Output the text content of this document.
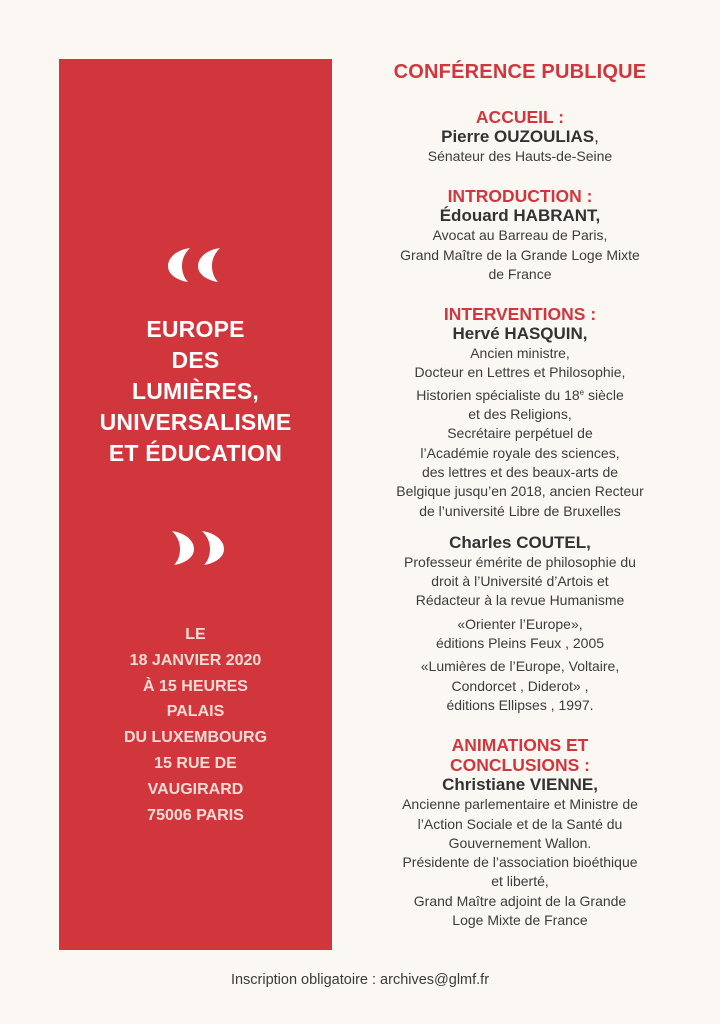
EUROPE
DES
LUMIÈRES,
UNIVERSALISME
ET ÉDUCATION
LE
18 JANVIER 2020
À 15 HEURES
PALAIS
DU LUXEMBOURG
15 RUE DE
VAUGIRARD
75006 PARIS
CONFÉRENCE PUBLIQUE
ACCUEIL :
Pierre OUZOULIAS,
Sénateur des Hauts-de-Seine
INTRODUCTION :
Édouard HABRANT,
Avocat au Barreau de Paris,
Grand Maître de la Grande Loge Mixte
de France
INTERVENTIONS :
Hervé HASQUIN,
Ancien ministre,
Docteur en Lettres et Philosophie,
Historien spécialiste du 18e siècle
et des Religions,
Secrétaire perpétuel de
l’Académie royale des sciences,
des lettres et des beaux-arts de
Belgique jusqu’en 2018, ancien Recteur
de l’université Libre de Bruxelles
Charles COUTEL,
Professeur émérite de philosophie du
droit à l’Université d’Artois et
Rédacteur à la revue Humanisme
«Orienter l’Europe»,
éditions Pleins Feux , 2005
«Lumières de l’Europe, Voltaire,
Condorcet , Diderot» ,
éditions Ellipses , 1997.
ANIMATIONS ET
CONCLUSIONS :
Christiane VIENNE,
Ancienne parlementaire et Ministre de
l’Action Sociale et de la Santé du
Gouvernement Wallon.
Présidente de l’association bioéthique
et liberté,
Grand Maître adjoint de la Grande
Loge Mixte de France
Inscription obligatoire : archives@glmf.fr
